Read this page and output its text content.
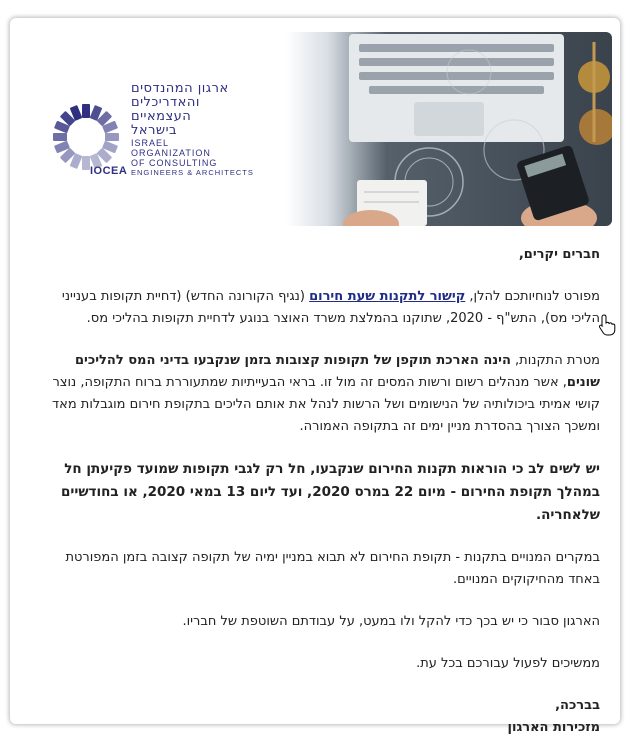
IOCEA
ארגון המהנדסים
והאדריכלים
העצמאיים
בישראל
ISRAEL
ORGANIZATION
OF CONSULTING
ENGINEERS & ARCHITECTS

חברים יקרים,

מפורט לנוחיותכם להלן, קישור לתקנות שעת חירום (נגיף הקורונה החדש) (דחיית תקופות בענייני הליכי מס), התש"ף - 2020, שתוקנו בהמלצת משרד האוצר בנוגע לדחיית תקופות בהליכי מס.

מטרת התקנות, הינה הארכת תוקפן של תקופות קצובות בזמן שנקבעו בדיני המס להליכים שונים, אשר מנהלים רשום ורשות המסים זה מול זו. בראי הבעייתיות שמתעוררת ברוח התקופה, נוצר קושי אמיתי ביכולותיה של הנישומים ושל הרשות לנהל את אותם הליכים בתקופת חירום מוגבלות מאד ומשכך הצורך בהסדרת מניין ימים זה בתקופה האמורה.

יש לשים לב כי הוראות תקנות החירום שנקבעו, חל רק לגבי תקופות שמועד פקיעתן חל במהלך תקופת החירום - מיום 22 במרס 2020, ועד ליום 13 במאי 2020, או בחודשיים שלאחריה.

במקרים המנויים בתקנות - תקופת החירום לא תבוא במניין ימיה של תקופה קצובה בזמן המפורטת באחד מהחיקוקים המנויים.

הארגון סבור כי יש בכך כדי להקל ולו במעט, על עבודתם השוטפת של חבריו.

ממשיכים לפעול עבורכם בכל עת.

בברכה,

מזכירות הארגון
